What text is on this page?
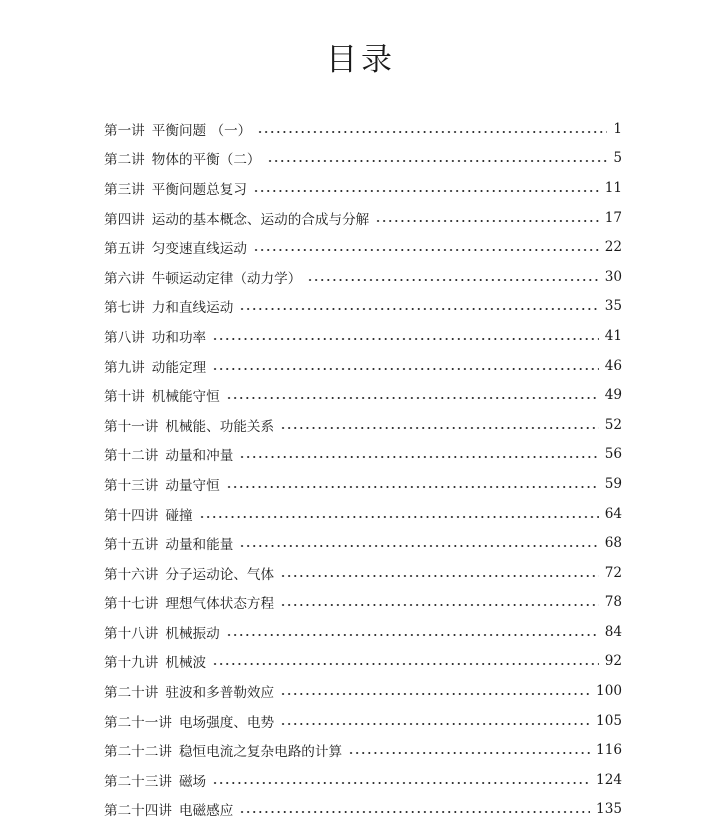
目录
第一讲 平衡问题 （一）	1
第二讲 物体的平衡（二）	5
第三讲 平衡问题总复习	11
第四讲 运动的基本概念、运动的合成与分解	17
第五讲 匀变速直线运动	22
第六讲 牛顿运动定律（动力学）	30
第七讲 力和直线运动	35
第八讲 功和功率	41
第九讲 动能定理	46
第十讲 机械能守恒	49
第十一讲 机械能、功能关系	52
第十二讲 动量和冲量	56
第十三讲 动量守恒	59
第十四讲 碰撞	64
第十五讲 动量和能量	68
第十六讲 分子运动论、气体	72
第十七讲 理想气体状态方程	78
第十八讲 机械振动	84
第十九讲 机械波	92
第二十讲 驻波和多普勒效应	100
第二十一讲 电场强度、电势	105
第二十二讲 稳恒电流之复杂电路的计算	116
第二十三讲 磁场	124
第二十四讲 电磁感应	135
